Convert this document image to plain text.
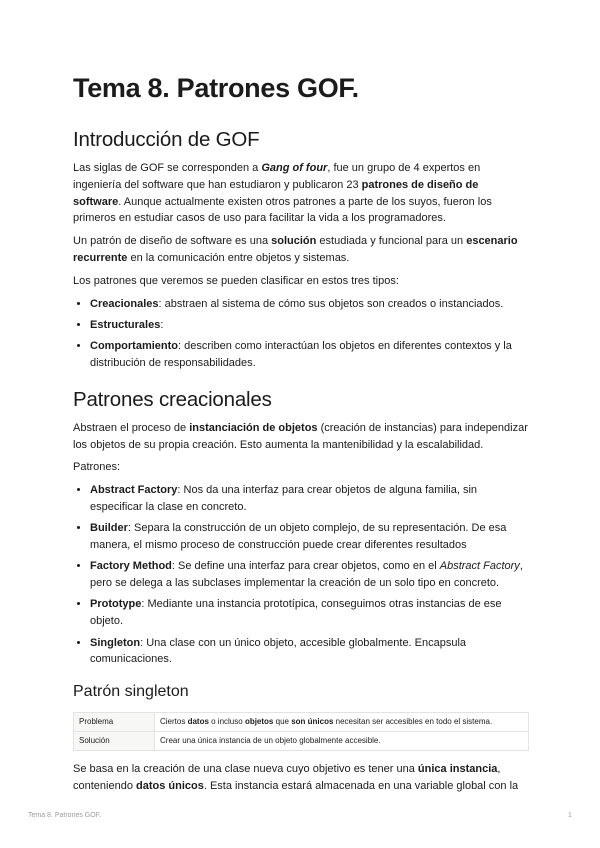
Tema 8. Patrones GOF.
Introducción de GOF

Las siglas de GOF se corresponden a Gang of four, fue un grupo de 4 expertos en ingeniería del software que han estudiaron y publicaron 23 patrones de diseño de software. Aunque actualmente existen otros patrones a parte de los suyos, fueron los primeros en estudiar casos de uso para facilitar la vida a los programadores.

Un patrón de diseño de software es una solución estudiada y funcional para un escenario recurrente en la comunicación entre objetos y sistemas.

Los patrones que veremos se pueden clasificar en estos tres tipos:

• Creacionales: abstraen al sistema de cómo sus objetos son creados o instanciados.
• Estructurales:
• Comportamiento: describen como interactúan los objetos en diferentes contextos y la distribución de responsabilidades.
Patrones creacionales

Abstraen el proceso de instanciación de objetos (creación de instancias) para independizar los objetos de su propia creación. Esto aumenta la mantenibilidad y la escalabilidad.

Patrones:

• Abstract Factory: Nos da una interfaz para crear objetos de alguna familia, sin especificar la clase en concreto.
• Builder: Separa la construcción de un objeto complejo, de su representación. De esa manera, el mismo proceso de construcción puede crear diferentes resultados
• Factory Method: Se define una interfaz para crear objetos, como en el Abstract Factory, pero se delega a las subclases implementar la creación de un solo tipo en concreto.
• Prototype: Mediante una instancia prototípica, conseguimos otras instancias de ese objeto.
• Singleton: Una clase con un único objeto, accesible globalmente. Encapsula comunicaciones.
Patrón singleton
Problema	Ciertos datos o incluso objetos que son únicos necesitan ser accesibles en todo el sistema.
Solución	Crear una única instancia de un objeto globalmente accesible.

Se basa en la creación de una clase nueva cuyo objetivo es tener una única instancia, conteniendo datos únicos. Esta instancia estará almacenada en una variable global con la

Tema 8. Patrones GOF.	1
